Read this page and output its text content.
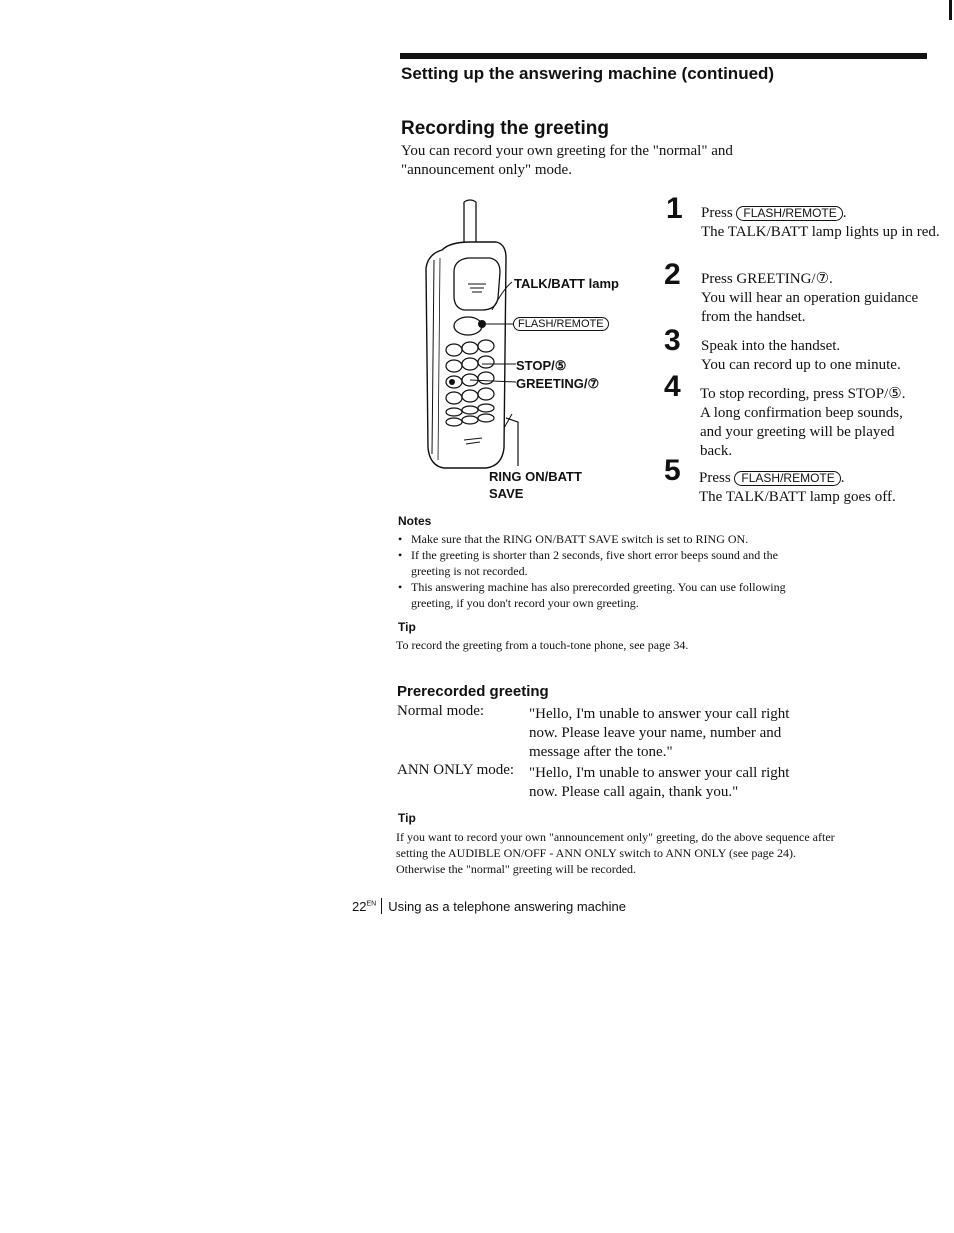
Setting up the answering machine (continued)
Recording the greeting
You can record your own greeting for the "normal" and "announcement only" mode.
TALK/BATT lamp
FLASH/REMOTE
STOP/⑤
GREETING/⑦
RING ON/BATT SAVE
1 Press FLASH/REMOTE .
The TALK/BATT lamp lights up in red.
2 Press GREETING/⑦.
You will hear an operation guidance from the handset.
3 Speak into the handset.
You can record up to one minute.
4 To stop recording, press STOP/⑤.
A long confirmation beep sounds, and your greeting will be played back.
5 Press FLASH/REMOTE .
The TALK/BATT lamp goes off.
Notes
• Make sure that the RING ON/BATT SAVE switch is set to RING ON.
• If the greeting is shorter than 2 seconds, five short error beeps sound and the greeting is not recorded.
• This answering machine has also prerecorded greeting. You can use following greeting, if you don't record your own greeting.
Tip
To record the greeting from a touch-tone phone, see page 34.
Prerecorded greeting
Normal mode:	"Hello, I'm unable to answer your call right now. Please leave your name, number and message after the tone."
ANN ONLY mode: "Hello, I'm unable to answer your call right now. Please call again, thank you."
Tip
If you want to record your own "announcement only" greeting, do the above sequence after setting the AUDIBLE ON/OFF - ANN ONLY switch to ANN ONLY (see page 24). Otherwise the "normal" greeting will be recorded.
$22^{EN}$ Using as a telephone answering machine
